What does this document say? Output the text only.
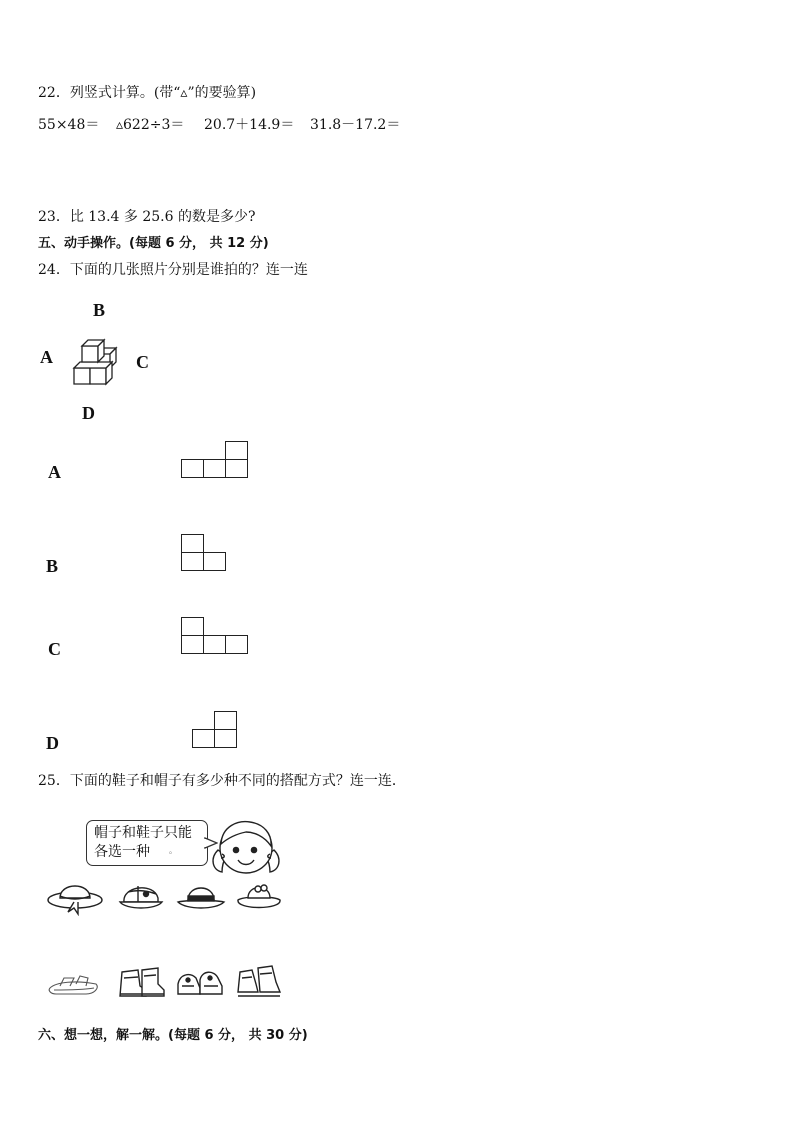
22．列竖式计算。(带“▵”的要验算)
55×48＝ ▵622÷3＝ 20.7＋14.9＝ 31.8－17.2＝
23．比 13.4 多 25.6 的数是多少?
五、动手操作。(每题 6 分， 共 12 分)
24．下面的几张照片分别是谁拍的？连一连
B
A	C
D
A
B
C
D
25．下面的鞋子和帽子有多少种不同的搭配方式？连一连．
帽子和鞋子只能
各选一种 。
六、想一想，解一解。(每题 6 分， 共 30 分)
